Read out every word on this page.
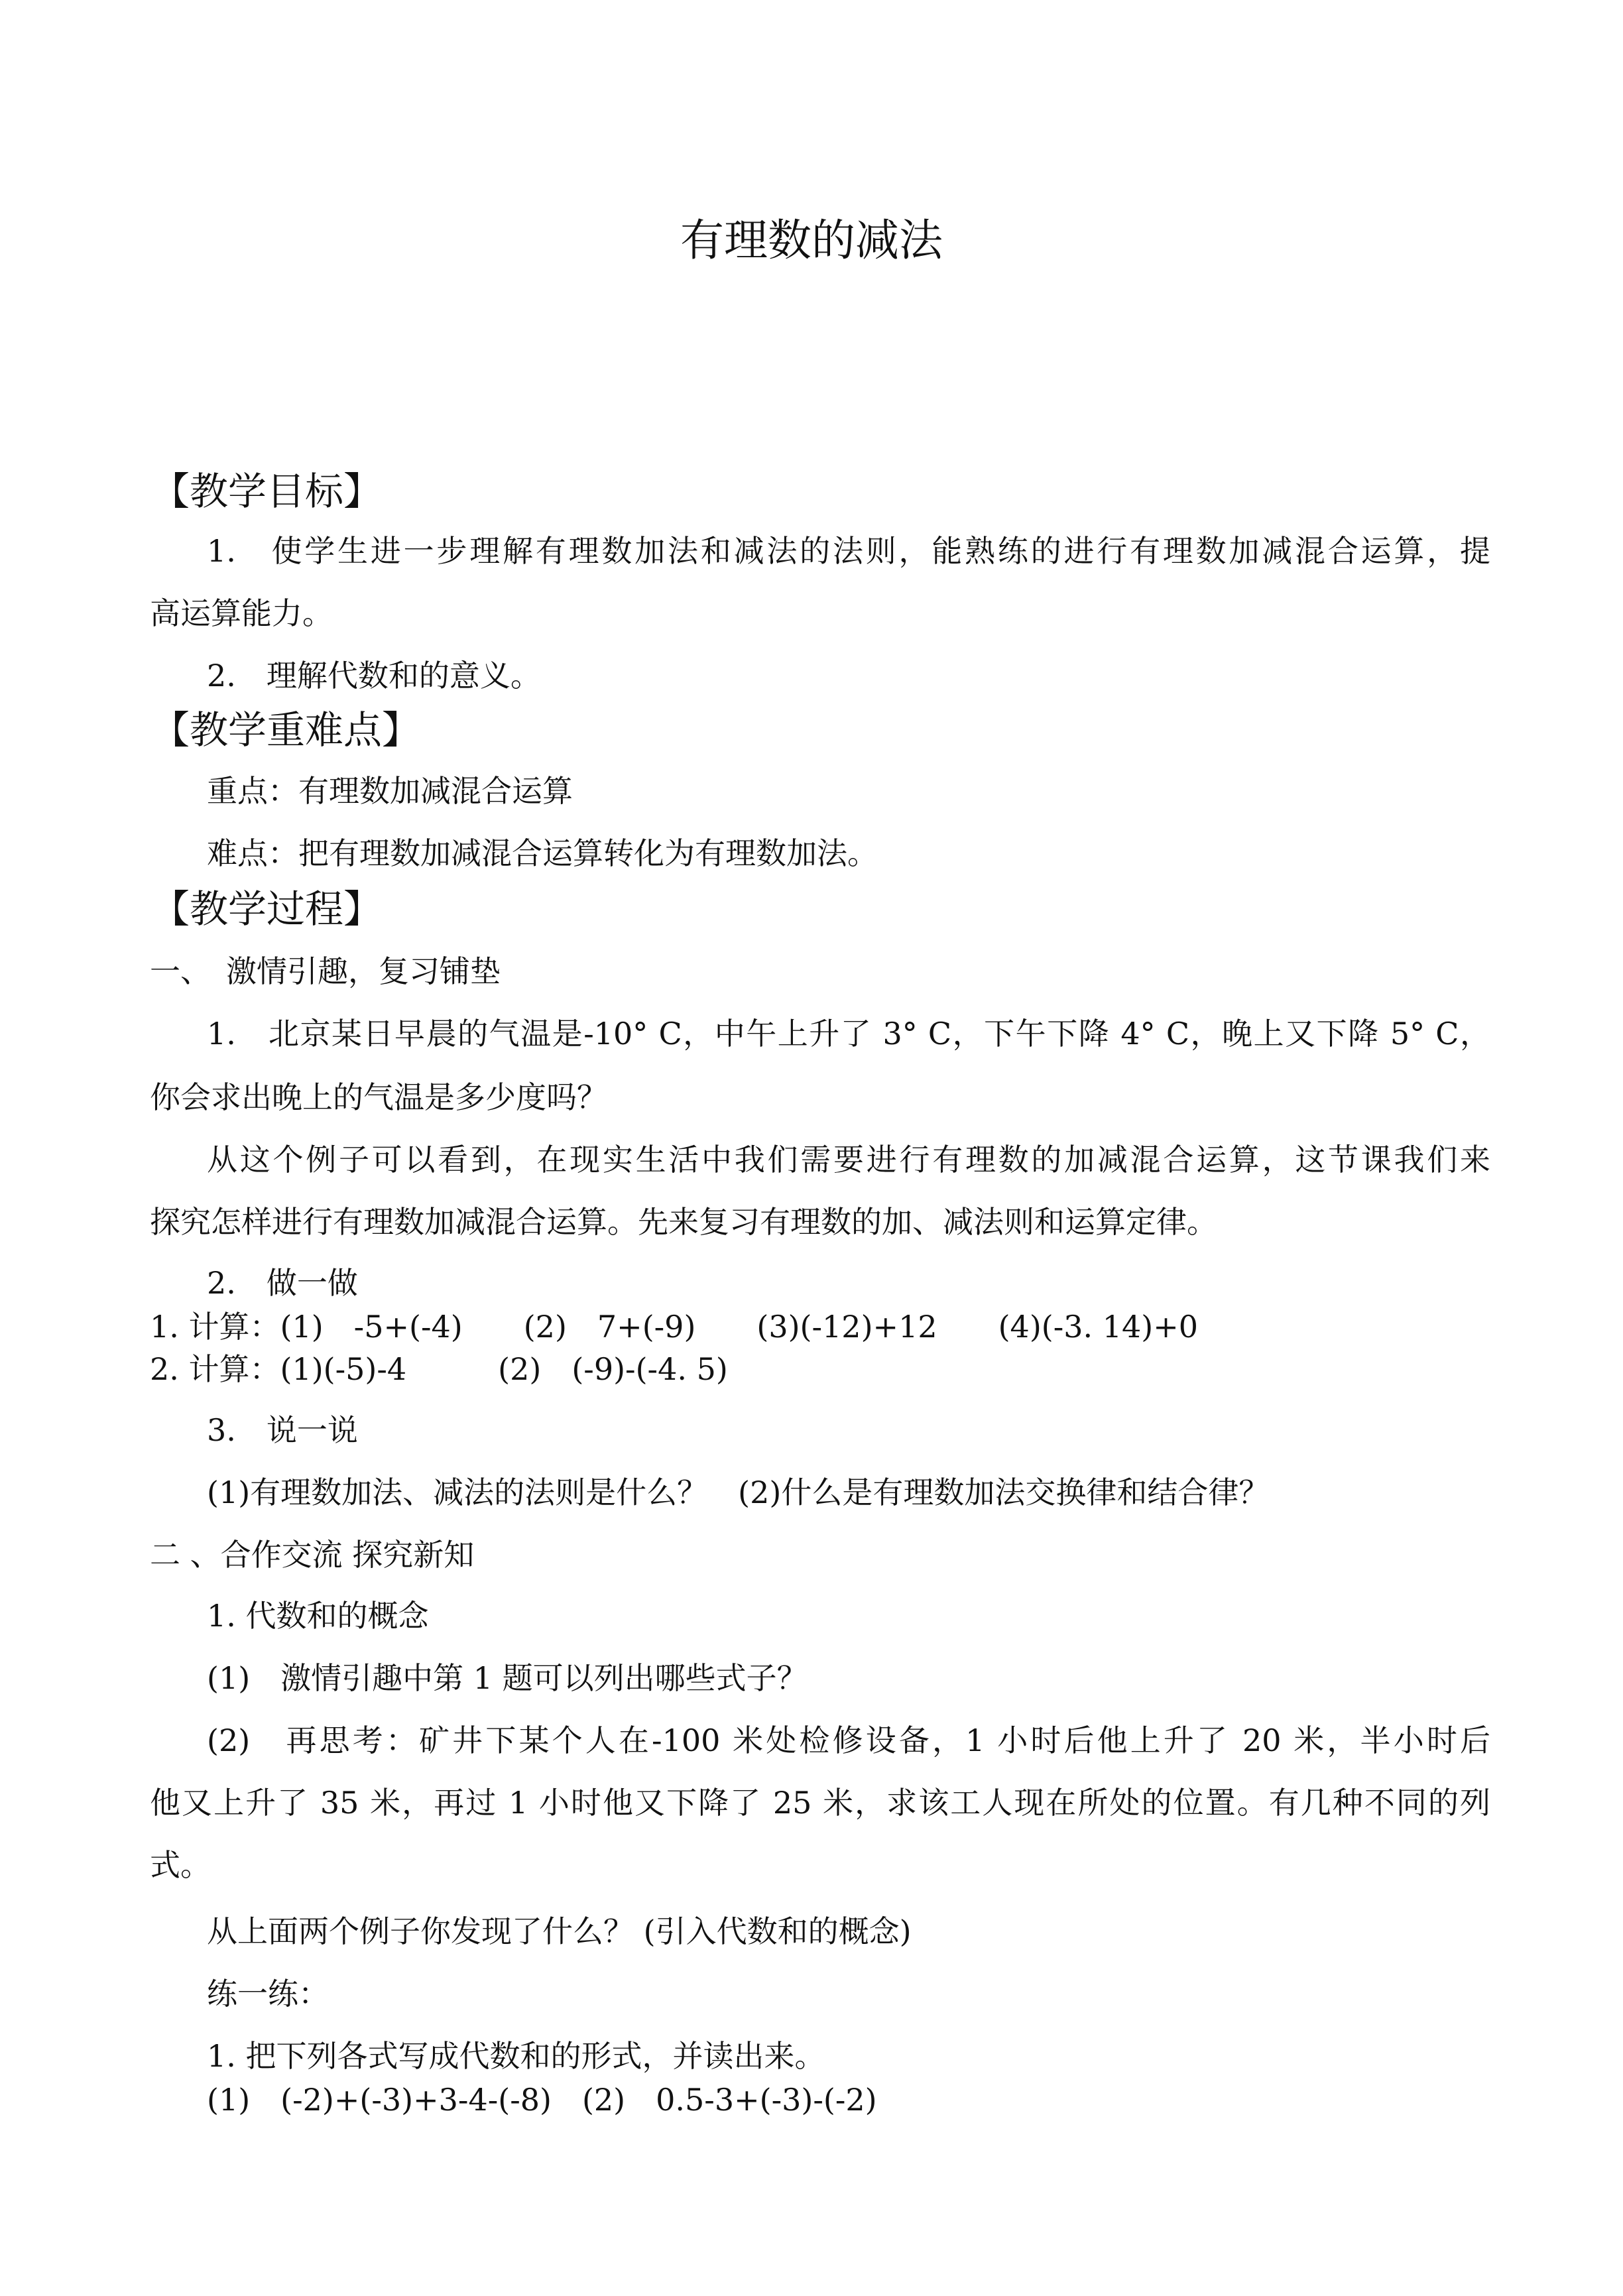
有理数的减法
【教学目标】
1.　使学生进一步理解有理数加法和减法的法则，能熟练的进行有理数加减混合运算，提
高运算能力。
2.　理解代数和的意义。
【教学重难点】
重点：有理数加减混合运算
难点：把有理数加减混合运算转化为有理数加法。
【教学过程】
一、　激情引趣，复习铺垫
1.　北京某日早晨的气温是-10° C，中午上升了 3° C，下午下降 4° C，晚上又下降 5° C，
你会求出晚上的气温是多少度吗？
从这个例子可以看到，在现实生活中我们需要进行有理数的加减混合运算，这节课我们来
探究怎样进行有理数加减混合运算。先来复习有理数的加、减法则和运算定律。
2.　做一做
1. 计算：(1)　-5+(-4)　　(2)　7+(-9)　　(3)(-12)+12　　(4)(-3. 14)+0
2. 计算：(1)(-5)-4　　　(2)　(-9)-(-4. 5)
3.　说一说
(1)有理数加法、减法的法则是什么？　(2)什么是有理数加法交换律和结合律？
二 、合作交流 探究新知
1. 代数和的概念
(1)　激情引趣中第 1 题可以列出哪些式子？
(2)　再思考：矿井下某个人在-100 米处检修设备，1 小时后他上升了 20 米，半小时后
他又上升了 35 米，再过 1 小时他又下降了 25 米，求该工人现在所处的位置。有几种不同的列
式。
从上面两个例子你发现了什么？ (引入代数和的概念)
练一练：
1. 把下列各式写成代数和的形式，并读出来。
(1)　(-2)+(-3)+3-4-(-8)　(2)　0.5-3+(-3)-(-2)
